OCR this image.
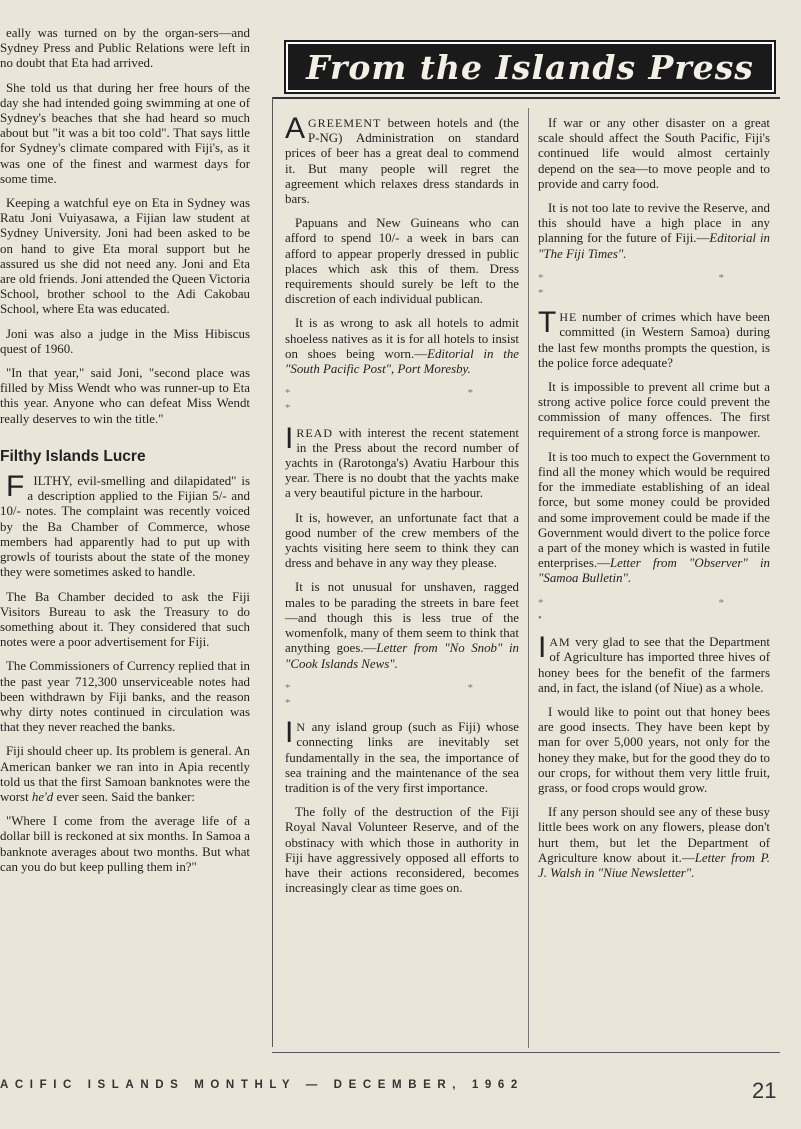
eally was turned on by the organ-sers—and Sydney Press and Public Relations were left in no doubt that Eta had arrived.

She told us that during her free hours of the day she had intended going swimming at one of Sydney's beaches that she had heard so much about but "it was a bit too cold". That says little for Sydney's climate compared with Fiji's, as it was one of the finest and warmest days for some time.

Keeping a watchful eye on Eta in Sydney was Ratu Joni Vuiyasawa, a Fijian law student at Sydney University. Joni had been asked to be on hand to give Eta moral support but he assured us she did not need any. Joni and Eta are old friends. Joni attended the Queen Victoria School, brother school to the Adi Cakobau School, where Eta was educated.

Joni was also a judge in the Miss Hibiscus quest of 1960.

"In that year," said Joni, "second place was filled by Miss Wendt who was runner-up to Eta this year. Anyone who can defeat Miss Wendt really deserves to win the title."

Filthy Islands Lucre

FILTHY, evil-smelling and dilapidated" is a description applied to the Fijian 5/- and 10/- notes. The complaint was recently voiced by the Ba Chamber of Commerce, whose members had apparently had to put up with growls of tourists about the state of the money they were sometimes asked to handle.

The Ba Chamber decided to ask the Fiji Visitors Bureau to ask the Treasury to do something about it. They considered that such notes were a poor advertisement for Fiji.

The Commissioners of Currency replied that in the past year 712,300 unserviceable notes had been withdrawn by Fiji banks, and the reason why dirty notes continued in circulation was that they never reached the banks.

Fiji should cheer up. Its problem is general. An American banker we ran into in Apia recently told us that the first Samoan banknotes were the worst he'd ever seen. Said the banker:

"Where I come from the average life of a dollar bill is reckoned at six months. In Samoa a banknote averages about two months. But what can you do but keep pulling them in?"

From the Islands Press

AGREEMENT between hotels and (the P-NG) Administration on standard prices of beer has a great deal to commend it. But many people will regret the agreement which relaxes dress standards in bars.

Papuans and New Guineans who can afford to spend 10/- a week in bars can afford to appear properly dressed in public places which ask this of them. Dress requirements should surely be left to the discretion of each individual publican.

It is as wrong to ask all hotels to admit shoeless natives as it is for all hotels to insist on shoes being worn.—Editorial in the "South Pacific Post", Port Moresby.

* * *

IREAD with interest the recent statement in the Press about the record number of yachts in (Rarotonga's) Avatiu Harbour this year. There is no doubt that the yachts make a very beautiful picture in the harbour.

It is, however, an unfortunate fact that a good number of the crew members of the yachts visiting here seem to think they can dress and behave in any way they please.

It is not unusual for unshaven, ragged males to be parading the streets in bare feet—and though this is less true of the womenfolk, many of them seem to think that anything goes.—Letter from "No Snob" in "Cook Islands News".

* * *

I N any island group (such as Fiji) whose connecting links are inevitably set fundamentally in the sea, the importance of sea training and the maintenance of the sea tradition is of the very first importance.

The folly of the destruction of the Fiji Royal Naval Volunteer Reserve, and of the obstinacy with which those in authority in Fiji have aggressively opposed all efforts to have their actions reconsidered, becomes increasingly clear as time goes on.

If war or any other disaster on a great scale should affect the South Pacific, Fiji's continued life would almost certainly depend on the sea—to move people and to provide and carry food.

It is not too late to revive the Reserve, and this should have a high place in any planning for the future of Fiji.—Editorial in "The Fiji Times".

* * *

THE number of crimes which have been committed (in Western Samoa) during the last few months prompts the question, is the police force adequate?

It is impossible to prevent all crime but a strong active police force could prevent the commission of many offences. The first requirement of a strong force is manpower.

It is too much to expect the Government to find all the money which would be required for the immediate establishing of an ideal force, but some money could be provided and some improvement could be made if the Government would divert to the police force a part of the money which is wasted in futile enterprises.—Letter from "Observer" in "Samoa Bulletin".

* * •

IAM very glad to see that the Department of Agriculture has imported three hives of honey bees for the benefit of the farmers and, in fact, the island (of Niue) as a whole.

I would like to point out that honey bees are good insects. They have been kept by man for over 5,000 years, not only for the honey they make, but for the good they do to our crops, for without them very little fruit, grass, or food crops would grow.

If any person should see any of these busy little bees work on any flowers, please don't hurt them, but let the Department of Agriculture know about it.—Letter from P. J. Walsh in "Niue Newsletter".

ACIFIC ISLANDS MONTHLY — DECEMBER, 1962	21
